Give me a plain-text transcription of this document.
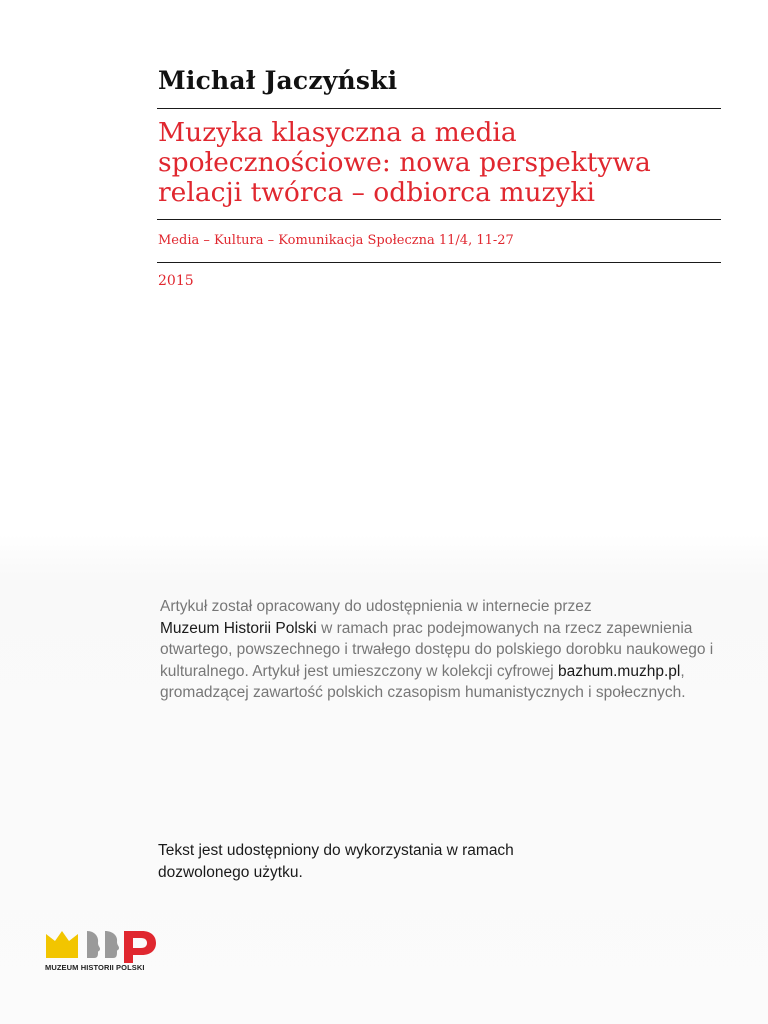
Michał Jaczyński
Muzyka klasyczna a media
społecznościowe: nowa perspektywa
relacji twórca – odbiorca muzyki
Media – Kultura – Komunikacja Społeczna 11/4, 11-27
2015

Artykuł został opracowany do udostępnienia w internecie przez
Muzeum Historii Polski w ramach prac podejmowanych na rzecz zapewnienia otwartego, powszechnego i trwałego dostępu do polskiego dorobku naukowego i kulturalnego. Artykuł jest umieszczony w kolekcji cyfrowej bazhum.muzhp.pl, gromadzącej zawartość polskich czasopism humanistycznych i społecznych.

Tekst jest udostępniony do wykorzystania w ramach
dozwolonego użytku.
MUZEUM HISTORII POLSKI
